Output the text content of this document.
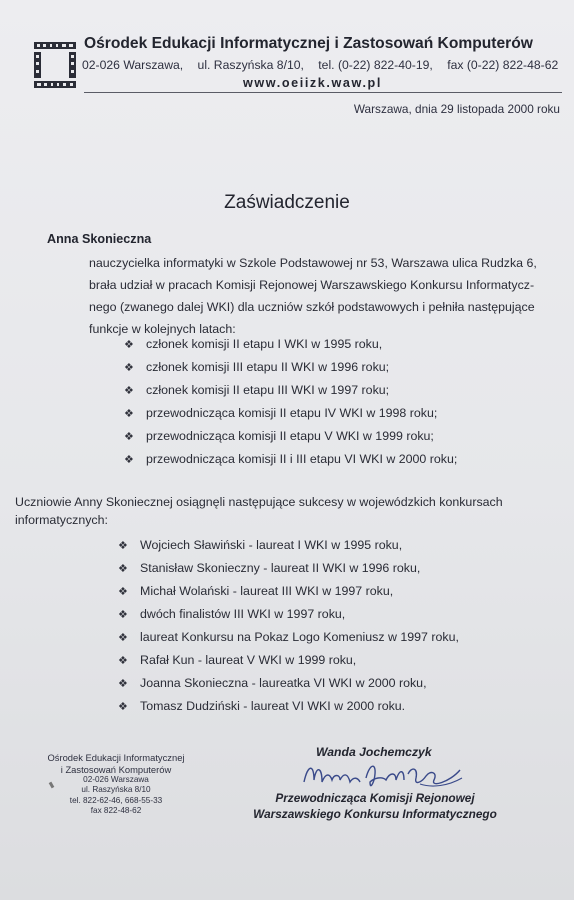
Ośrodek Edukacji Informatycznej i Zastosowań Komputerów
02-026 Warszawa, ul. Raszyńska 8/10, tel. (0-22) 822-40-19, fax (0-22) 822-48-62
www.oeiizk.waw.pl
Warszawa, dnia 29 listopada 2000 roku
Zaświadczenie
Anna Skonieczna
nauczycielka informatyki w Szkole Podstawowej nr 53, Warszawa ulica Rudzka 6,
brała udział w pracach Komisji Rejonowej Warszawskiego Konkursu Informatycz-
nego (zwanego dalej WKI) dla uczniów szkół podstawowych i pełniła następujące
funkcje w kolejnych latach:
❖ członek komisji II etapu I WKI w 1995 roku,
❖ członek komisji III etapu II WKI w 1996 roku;
❖ członek komisji II etapu III WKI w 1997 roku;
❖ przewodnicząca komisji II etapu IV WKI w 1998 roku;
❖ przewodnicząca komisji II etapu V WKI w 1999 roku;
❖ przewodnicząca komisji II i III etapu VI WKI w 2000 roku;
Uczniowie Anny Skoniecznej osiągnęli następujące sukcesy w wojewódzkich konkursach
informatycznych:
❖ Wojciech Sławiński - laureat I WKI w 1995 roku,
❖ Stanisław Skonieczny - laureat II WKI w 1996 roku,
❖ Michał Wolański - laureat III WKI w 1997 roku,
❖ dwóch finalistów III WKI w 1997 roku,
❖ laureat Konkursu na Pokaz Logo Komeniusz w 1997 roku,
❖ Rafał Kun - laureat V WKI w 1999 roku,
❖ Joanna Skonieczna - laureatka VI WKI w 2000 roku,
❖ Tomasz Dudziński - laureat VI WKI w 2000 roku.
Ośrodek Edukacji Informatycznej
i Zastosowań Komputerów
02-026 Warszawa
ul. Raszyńska 8/10
tel. 822-62-46, 668-55-33
fax 822-48-62
Wanda Jochemczyk
Przewodnicząca Komisji Rejonowej
Warszawskiego Konkursu Informatycznego
